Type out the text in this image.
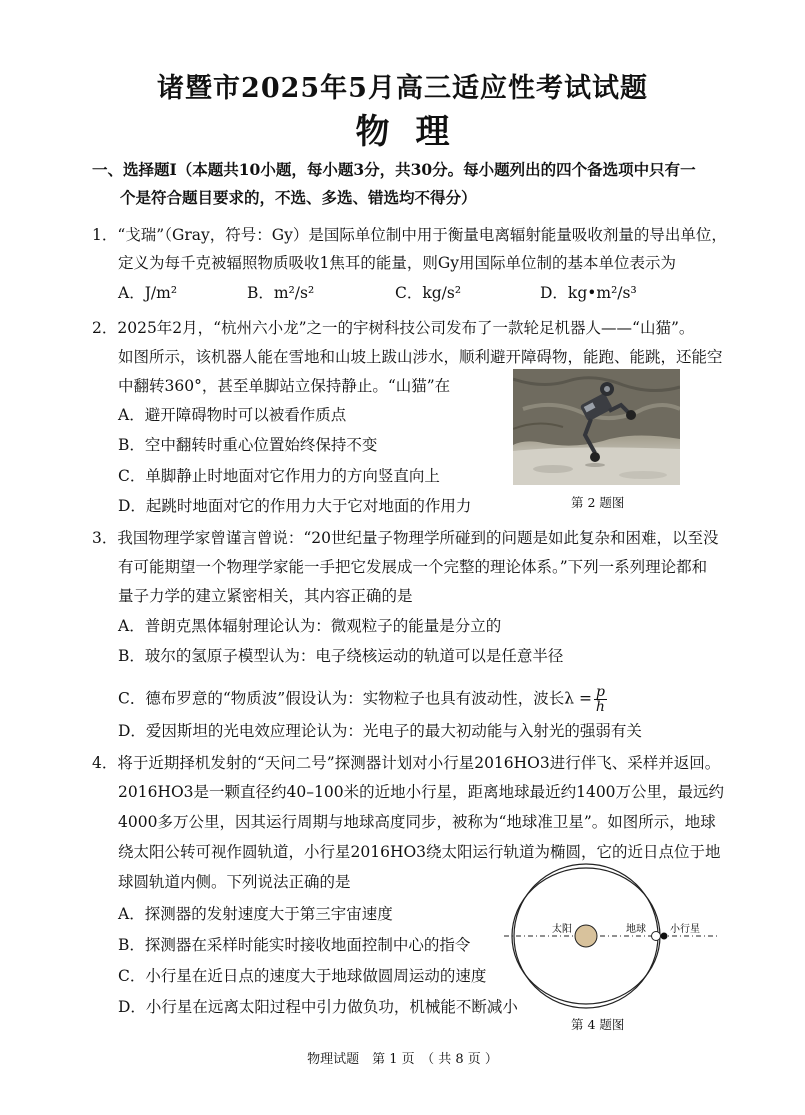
诸暨市2025年5月高三适应性考试试题
物理
一、选择题Ⅰ（本题共10小题，每小题3分，共30分。每小题列出的四个备选项中只有一
个是符合题目要求的，不选、多选、错选均不得分）
1．“戈瑞”（Gray，符号：Gy）是国际单位制中用于衡量电离辐射能量吸收剂量的导出单位，
定义为每千克被辐照物质吸收1焦耳的能量，则Gy用国际单位制的基本单位表示为
A．J/m²	B．m²/s²	C．kg/s²	D．kg•m²/s³
2．2025年2月，“杭州六小龙”之一的宇树科技公司发布了一款轮足机器人——“山猫”。
如图所示，该机器人能在雪地和山坡上跋山涉水，顺利避开障碍物，能跑、能跳，还能空
中翻转360°，甚至单脚站立保持静止。“山猫”在
A．避开障碍物时可以被看作质点
B．空中翻转时重心位置始终保持不变
C．单脚静止时地面对它作用力的方向竖直向上
D．起跳时地面对它的作用力大于它对地面的作用力	第 2 题图
3．我国物理学家曾谨言曾说：“20世纪量子物理学所碰到的问题是如此复杂和困难，以至没
有可能期望一个物理学家能一手把它发展成一个完整的理论体系。”下列一系列理论都和
量子力学的建立紧密相关，其内容正确的是
A．普朗克黑体辐射理论认为：微观粒子的能量是分立的
B．玻尔的氢原子模型认为：电子绕核运动的轨道可以是任意半径
C．德布罗意的“物质波”假设认为：实物粒子也具有波动性，波长$\lambda = \frac{p}{h}$
D．爱因斯坦的光电效应理论认为：光电子的最大初动能与入射光的强弱有关
4．将于近期择机发射的“天问二号”探测器计划对小行星2016HO3进行伴飞、采样并返回。
2016HO3是一颗直径约40–100米的近地小行星，距离地球最近约1400万公里，最远约
4000多万公里，因其运行周期与地球高度同步，被称为“地球准卫星”。如图所示，地球
绕太阳公转可视作圆轨道，小行星2016HO3绕太阳运行轨道为椭圆，它的近日点位于地
球圆轨道内侧。下列说法正确的是
A．探测器的发射速度大于第三宇宙速度
B．探测器在采样时能实时接收地面控制中心的指令
C．小行星在近日点的速度大于地球做圆周运动的速度
D．小行星在远离太阳过程中引力做负功，机械能不断减小
太阳	地球 小行星
第 4 题图
物理试题　第 1 页　（ 共 8 页 ）
